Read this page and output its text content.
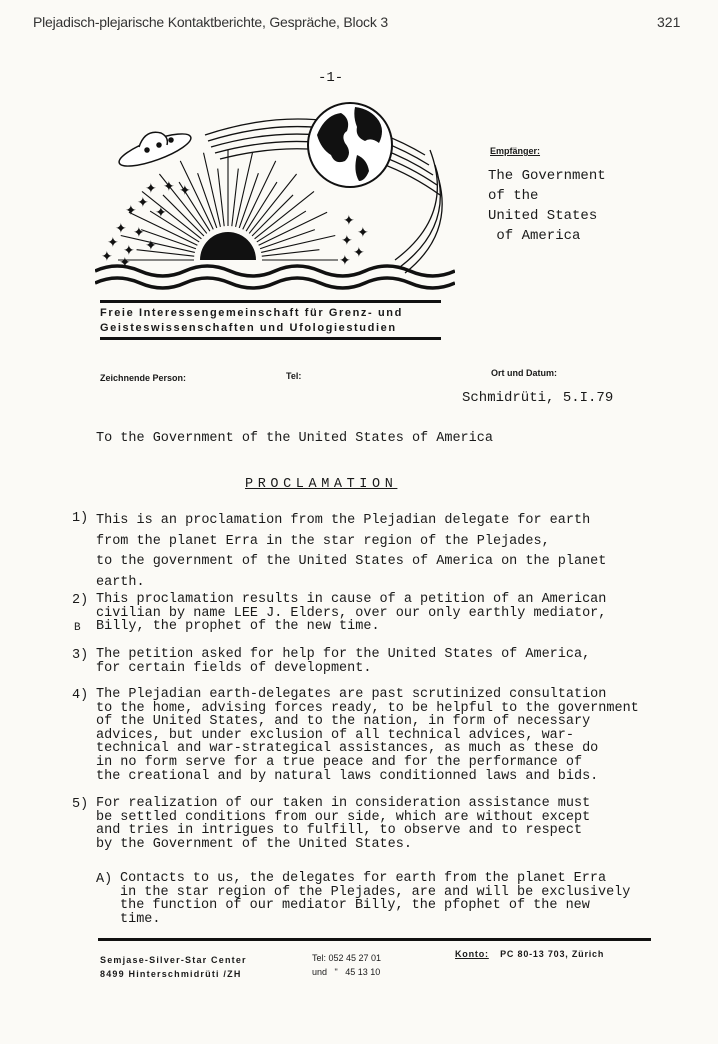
Plejadisch-plejarische Kontaktberichte, Gespräche, Block 3	321
-1-
✦ ✦ ✦
✦
✦ ✦
✦ ✦
✦ ✦ ✦
✦ ✦
✦
✦
✦
✦
✦
Freie Interessengemeinschaft für Grenz- und
Geisteswissenschaften und Ufologiestudien
Empfänger:
The Government
of the
United States
of America
Zeichnende Person:	Tel:	Ort und Datum:
Schmidrüti, 5.I.79
To the Government of the United States of America
PROCLAMATION
1) This is an proclamation from the Plejadian delegate for earth
from the planet Erra in the star region of the Plejades,
to the government of the United States of America on the planet
earth.
2)
B
This proclamation results in cause of a petition of an American
civilian by name LEE J. Elders, over our only earthly mediator,
Billy, the prophet of the new time.
3) The petition asked for help for the United States of America,
for certain fields of development.
4) The Plejadian earth-delegates are past scrutinized consultation
to the home, advising forces ready, to be helpful to the government
of the United States, and to the nation, in form of necessary
advices, but under exclusion of all technical advices, war-
technical and war-strategical assistances, as much as these do
in no form serve for a true peace and for the performance of
the creational and by natural laws conditionned laws and bids.
5) For realization of our taken in consideration assistance must
be settled conditions from our side, which are without except
and tries in intrigues to fulfill, to observe and to respect
by the Government of the United States.
A) Contacts to us, the delegates for earth from the planet Erra
in the star region of the Plejades, are and will be exclusively
the function of our mediator Billy, the pfophet of the new
time.
Semjase-Silver-Star Center
8499 Hinterschmidrüti /ZH
Tel: 052 45 27 01
und   "   45 13 10
Konto: PC 80-13 703, Zürich
